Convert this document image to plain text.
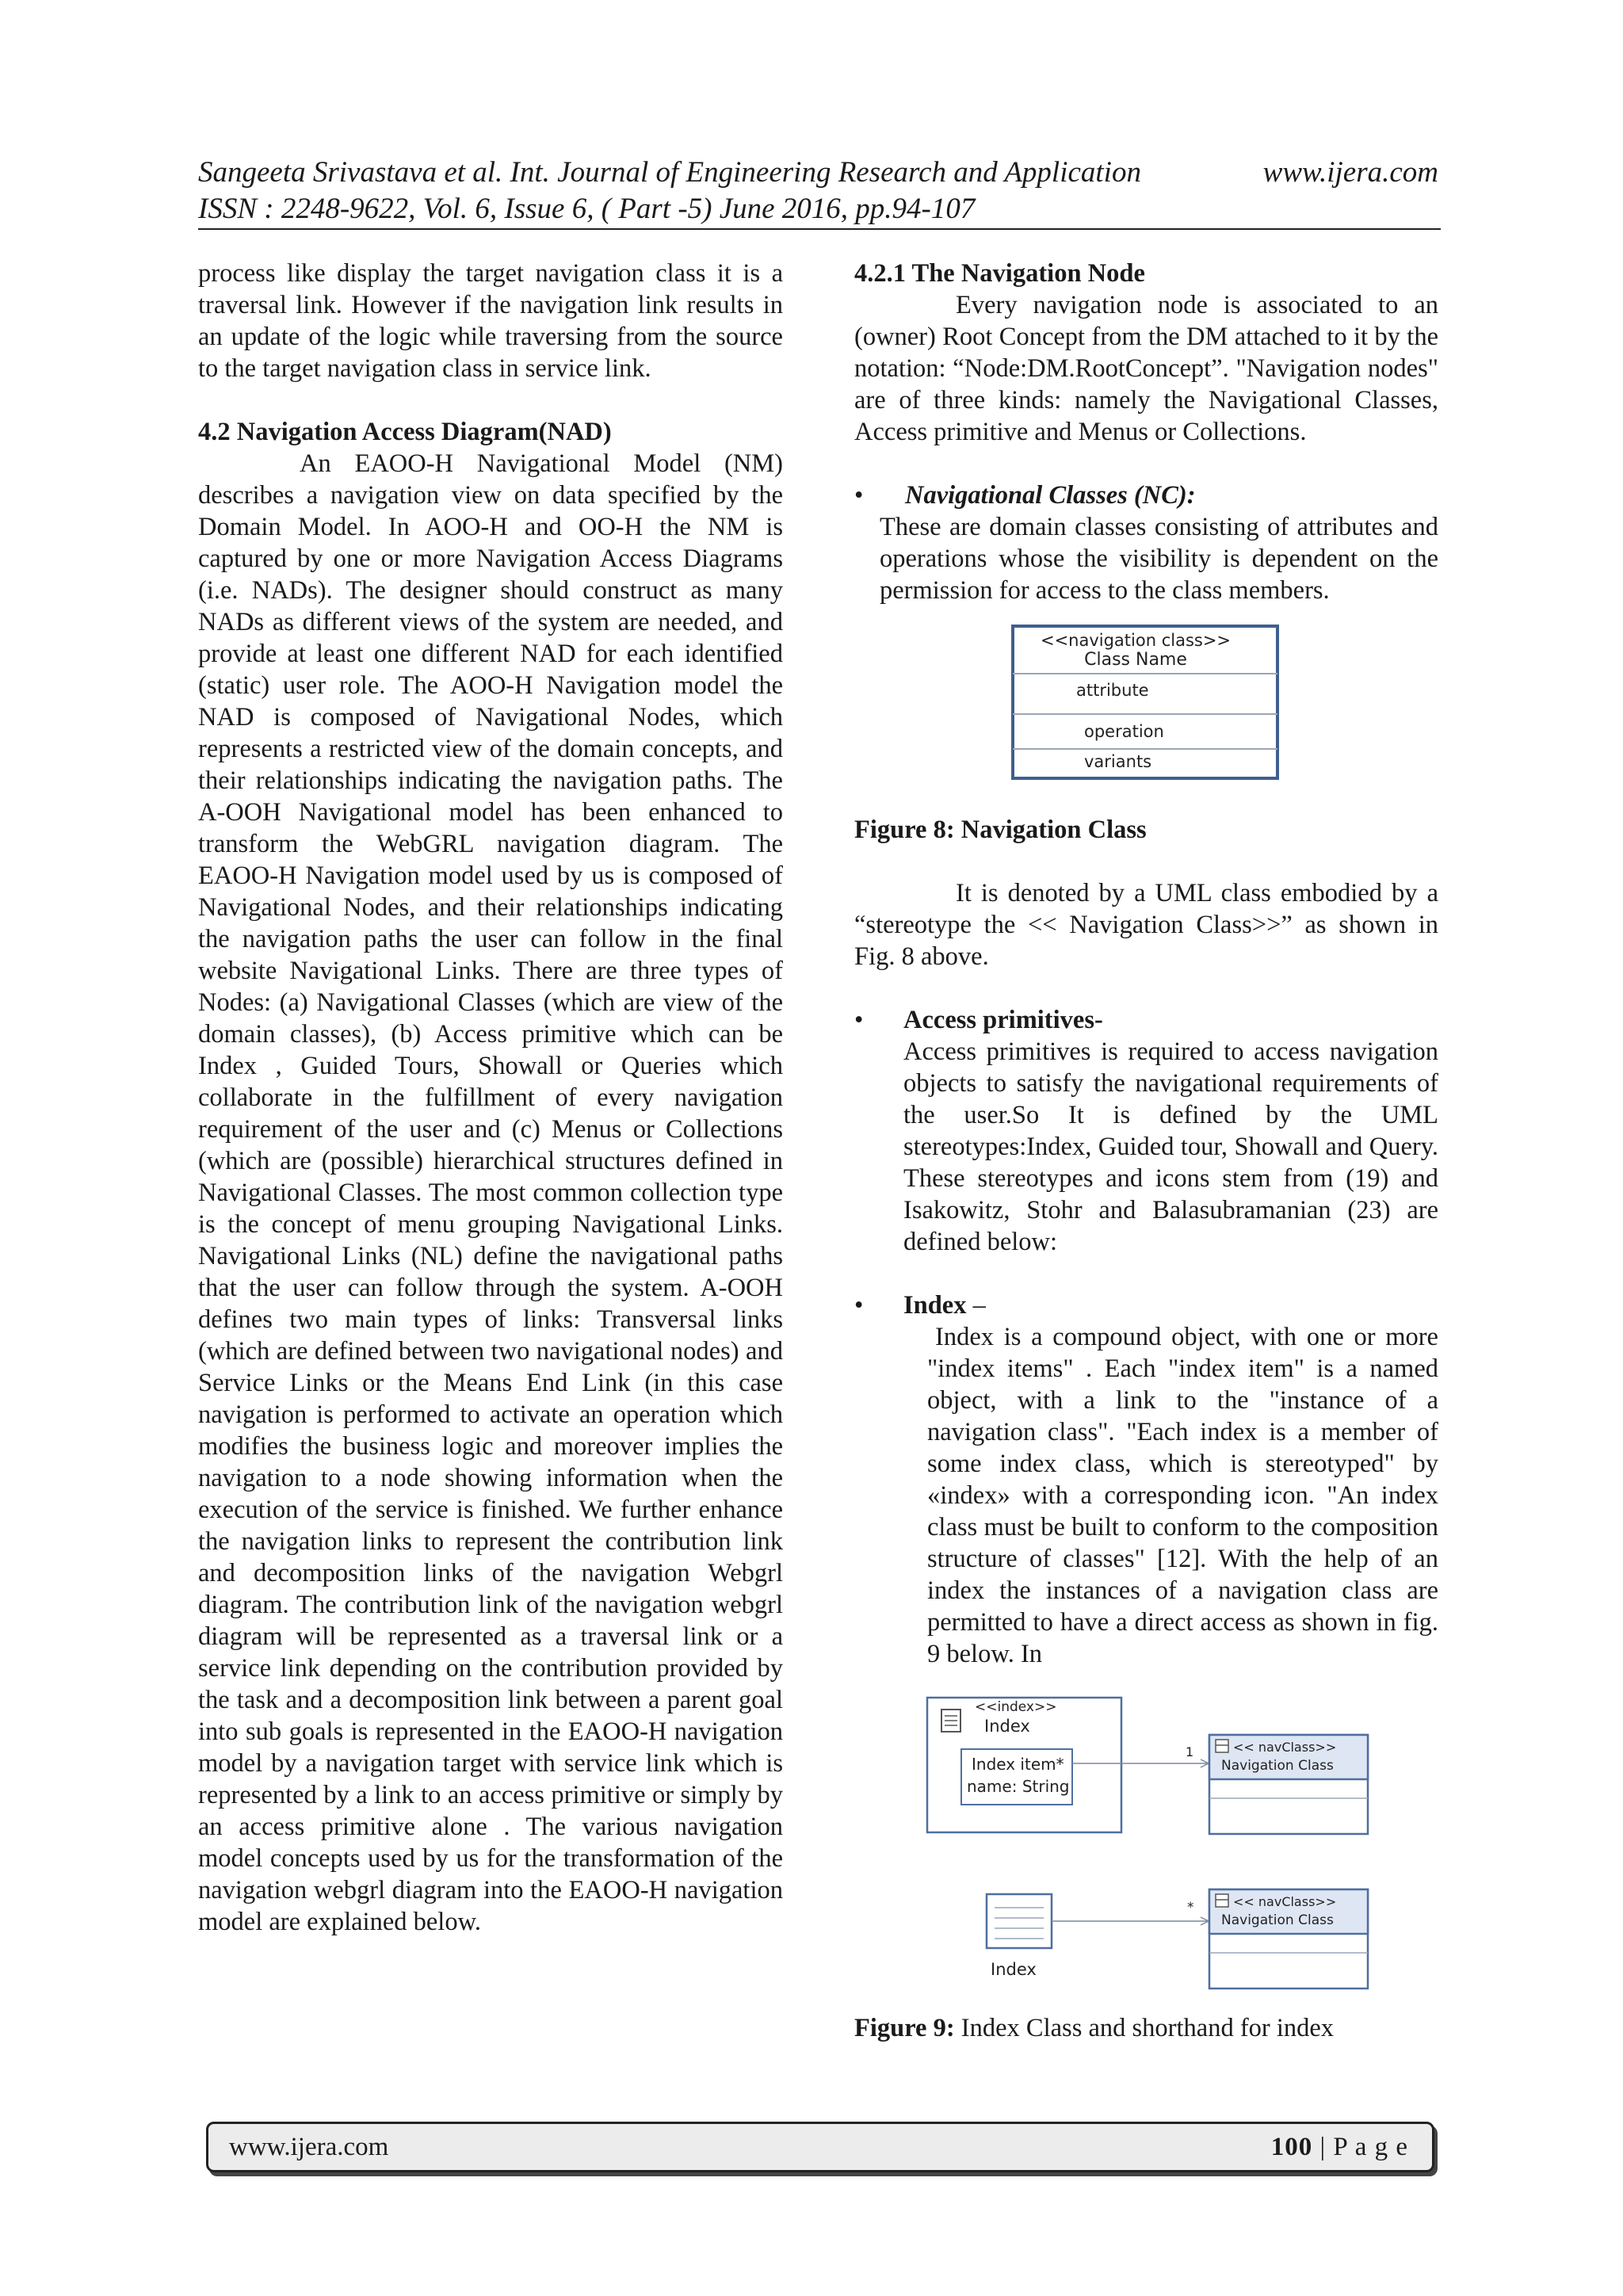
Sangeeta Srivastava et al. Int. Journal of Engineering Research and Application	www.ijera.com
ISSN : 2248-9622, Vol. 6, Issue 6, ( Part -5) June 2016, pp.94-107

process like display the target navigation class it is a traversal link. However if the navigation link results in an update of the logic while traversing from the source to the target navigation class in service link.

4.2 Navigation Access Diagram(NAD)

An EAOO-H Navigational Model (NM) describes a navigation view on data specified by the Domain Model. In AOO-H and OO-H the NM is captured by one or more Navigation Access Diagrams (i.e. NADs). The designer should construct as many NADs as different views of the system are needed, and provide at least one different NAD for each identified (static) user role. The AOO-H Navigation model the NAD is composed of Navigational Nodes, which represents a restricted view of the domain concepts, and their relationships indicating the navigation paths. The A-OOH Navigational model has been enhanced to transform the WebGRL navigation diagram. The EAOO-H Navigation model used by us is composed of Navigational Nodes, and their relationships indicating the navigation paths the user can follow in the final website Navigational Links. There are three types of Nodes: (a) Navigational Classes (which are view of the domain classes), (b) Access primitive which can be Index , Guided Tours, Showall or Queries which collaborate in the fulfillment of every navigation requirement of the user and (c) Menus or Collections (which are (possible) hierarchical structures defined in Navigational Classes. The most common collection type is the concept of menu grouping Navigational Links. Navigational Links (NL) define the navigational paths that the user can follow through the system. A-OOH defines two main types of links: Transversal links (which are defined between two navigational nodes) and Service Links or the Means End Link (in this case navigation is performed to activate an operation which modifies the business logic and moreover implies the navigation to a node showing information when the execution of the service is finished. We further enhance the navigation links to represent the contribution link and decomposition links of the navigation Webgrl diagram. The contribution link of the navigation webgrl diagram will be represented as a traversal link or a service link depending on the contribution provided by the task and a decomposition link between a parent goal into sub goals is represented in the EAOO-H navigation model by a navigation target with service link which is represented by a link to an access primitive or simply by an access primitive alone . The various navigation model concepts used by us for the transformation of the navigation webgrl diagram into the EAOO-H navigation model are explained below.

4.2.1 The Navigation Node

Every navigation node is associated to an (owner) Root Concept from the DM attached to it by the notation: “Node:DM.RootConcept”. "Navigation nodes" are of three kinds: namely the Navigational Classes, Access primitive and Menus or Collections.

• Navigational Classes (NC):

These are domain classes consisting of attributes and operations whose the visibility is dependent on the permission for access to the class members.

<<navigation class>>
Class Name
attribute
operation
variants

Figure 8: Navigation Class

It is denoted by a UML class embodied by a “stereotype the << Navigation Class>>” as shown in Fig. 8 above.

• Access primitives-

Access primitives is required to access navigation objects to satisfy the navigational requirements of the user.So It is defined by the UML stereotypes:Index, Guided tour, Showall and Query. These stereotypes and icons stem from (19) and Isakowitz, Stohr and Balasubramanian (23) are defined below:

• Index –

Index is a compound object, with one or more "index items" . Each "index item" is a named object, with a link to the "instance of a navigation class". "Each index is a member of some index class, which is stereotyped" by «index» with a corresponding icon. "An index class must be built to conform to the composition structure of classes" [12]. With the help of an index the instances of a navigation class are permitted to have a direct access as shown in fig. 9 below. In

<<index>>
Index
Index item*
name: String
1	<< navClass>>
Navigation Class
Index
*	<< navClass>>
Navigation Class

Figure 9: Index Class and shorthand for index

www.ijera.com	100 | P a g e
